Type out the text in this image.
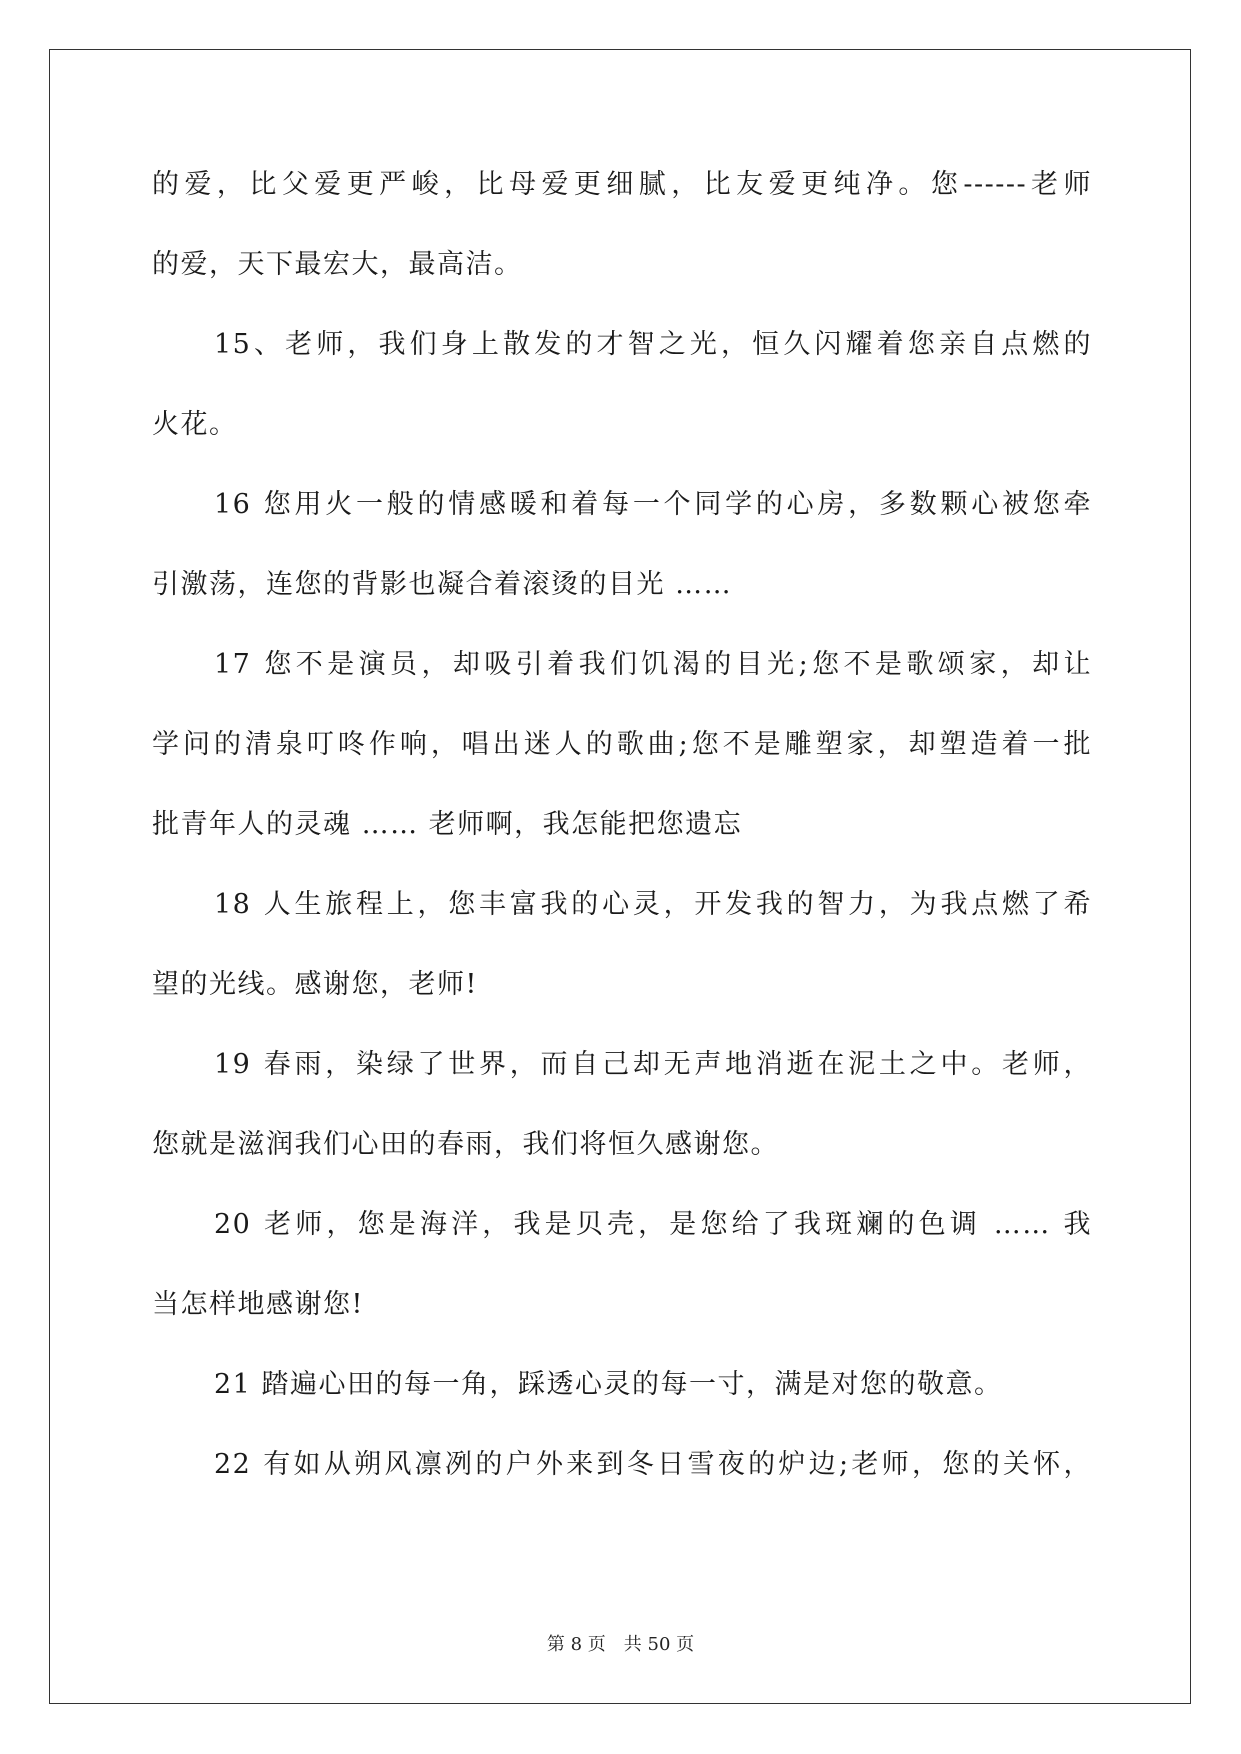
的爱，比父爱更严峻，比母爱更细腻，比友爱更纯净。您------老师
的爱，天下最宏大，最高洁。
15、老师，我们身上散发的才智之光，恒久闪耀着您亲自点燃的
火花。
16 您用火一般的情感暖和着每一个同学的心房，多数颗心被您牵
引激荡，连您的背影也凝合着滚烫的目光 ……
17 您不是演员，却吸引着我们饥渴的目光;您不是歌颂家，却让
学问的清泉叮咚作响，唱出迷人的歌曲;您不是雕塑家，却塑造着一批
批青年人的灵魂 …… 老师啊，我怎能把您遗忘
18 人生旅程上，您丰富我的心灵，开发我的智力，为我点燃了希
望的光线。感谢您，老师!
19 春雨，染绿了世界，而自己却无声地消逝在泥土之中。老师，
您就是滋润我们心田的春雨，我们将恒久感谢您。
20 老师，您是海洋，我是贝壳，是您给了我斑斓的色调 …… 我
当怎样地感谢您!
21 踏遍心田的每一角，踩透心灵的每一寸，满是对您的敬意。
22 有如从朔风凛冽的户外来到冬日雪夜的炉边;老师，您的关怀，
第 8 页　共 50 页
